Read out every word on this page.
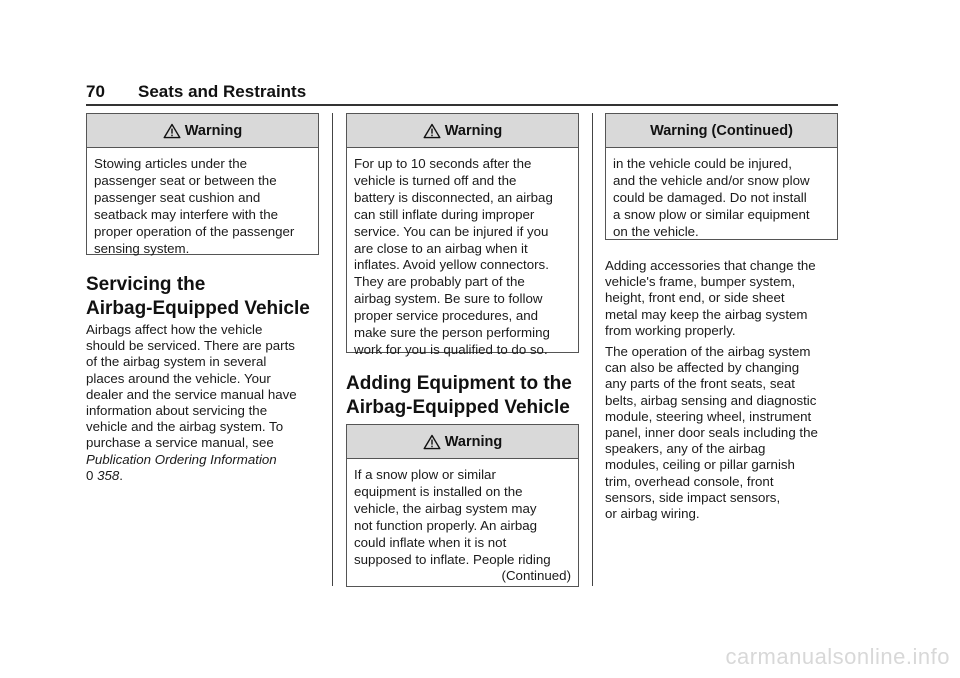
70 Seats and Restraints
Warning
Stowing articles under the
passenger seat or between the
passenger seat cushion and
seatback may interfere with the
proper operation of the passenger
sensing system.
Servicing the
Airbag-Equipped Vehicle
Airbags affect how the vehicle
should be serviced. There are parts
of the airbag system in several
places around the vehicle. Your
dealer and the service manual have
information about servicing the
vehicle and the airbag system. To
purchase a service manual, see
Publication Ordering Information
0 358.
Warning
For up to 10 seconds after the
vehicle is turned off and the
battery is disconnected, an airbag
can still inflate during improper
service. You can be injured if you
are close to an airbag when it
inflates. Avoid yellow connectors.
They are probably part of the
airbag system. Be sure to follow
proper service procedures, and
make sure the person performing
work for you is qualified to do so.
Adding Equipment to the
Airbag-Equipped Vehicle
Warning
If a snow plow or similar
equipment is installed on the
vehicle, the airbag system may
not function properly. An airbag
could inflate when it is not
supposed to inflate. People riding
(Continued)
Warning (Continued)
in the vehicle could be injured,
and the vehicle and/or snow plow
could be damaged. Do not install
a snow plow or similar equipment
on the vehicle.
Adding accessories that change the
vehicle's frame, bumper system,
height, front end, or side sheet
metal may keep the airbag system
from working properly.
The operation of the airbag system
can also be affected by changing
any parts of the front seats, seat
belts, airbag sensing and diagnostic
module, steering wheel, instrument
panel, inner door seals including the
speakers, any of the airbag
modules, ceiling or pillar garnish
trim, overhead console, front
sensors, side impact sensors,
or airbag wiring.
carmanualsonline.info
